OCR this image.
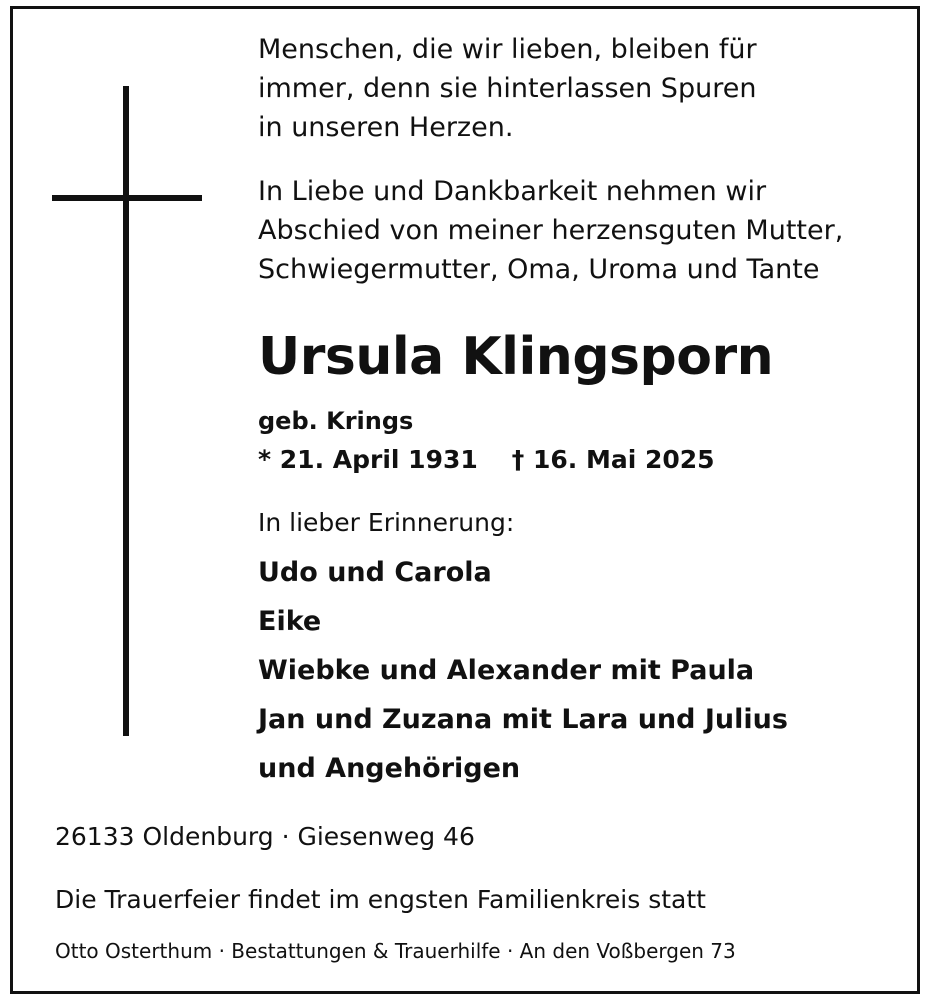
Menschen, die wir lieben, bleiben für
immer, denn sie hinterlassen Spuren
in unseren Herzen.

In Liebe und Dankbarkeit nehmen wir
Abschied von meiner herzensguten Mutter,
Schwiegermutter, Oma, Uroma und Tante

Ursula Klingsporn

geb. Krings

* 21. April 1931 † 16. Mai 2025

In lieber Erinnerung:

Udo und Carola
Eike
Wiebke und Alexander mit Paula
Jan und Zuzana mit Lara und Julius
und Angehörigen

26133 Oldenburg · Giesenweg 46

Die Trauerfeier findet im engsten Familienkreis statt

Otto Osterthum · Bestattungen & Trauerhilfe · An den Voßbergen 73
